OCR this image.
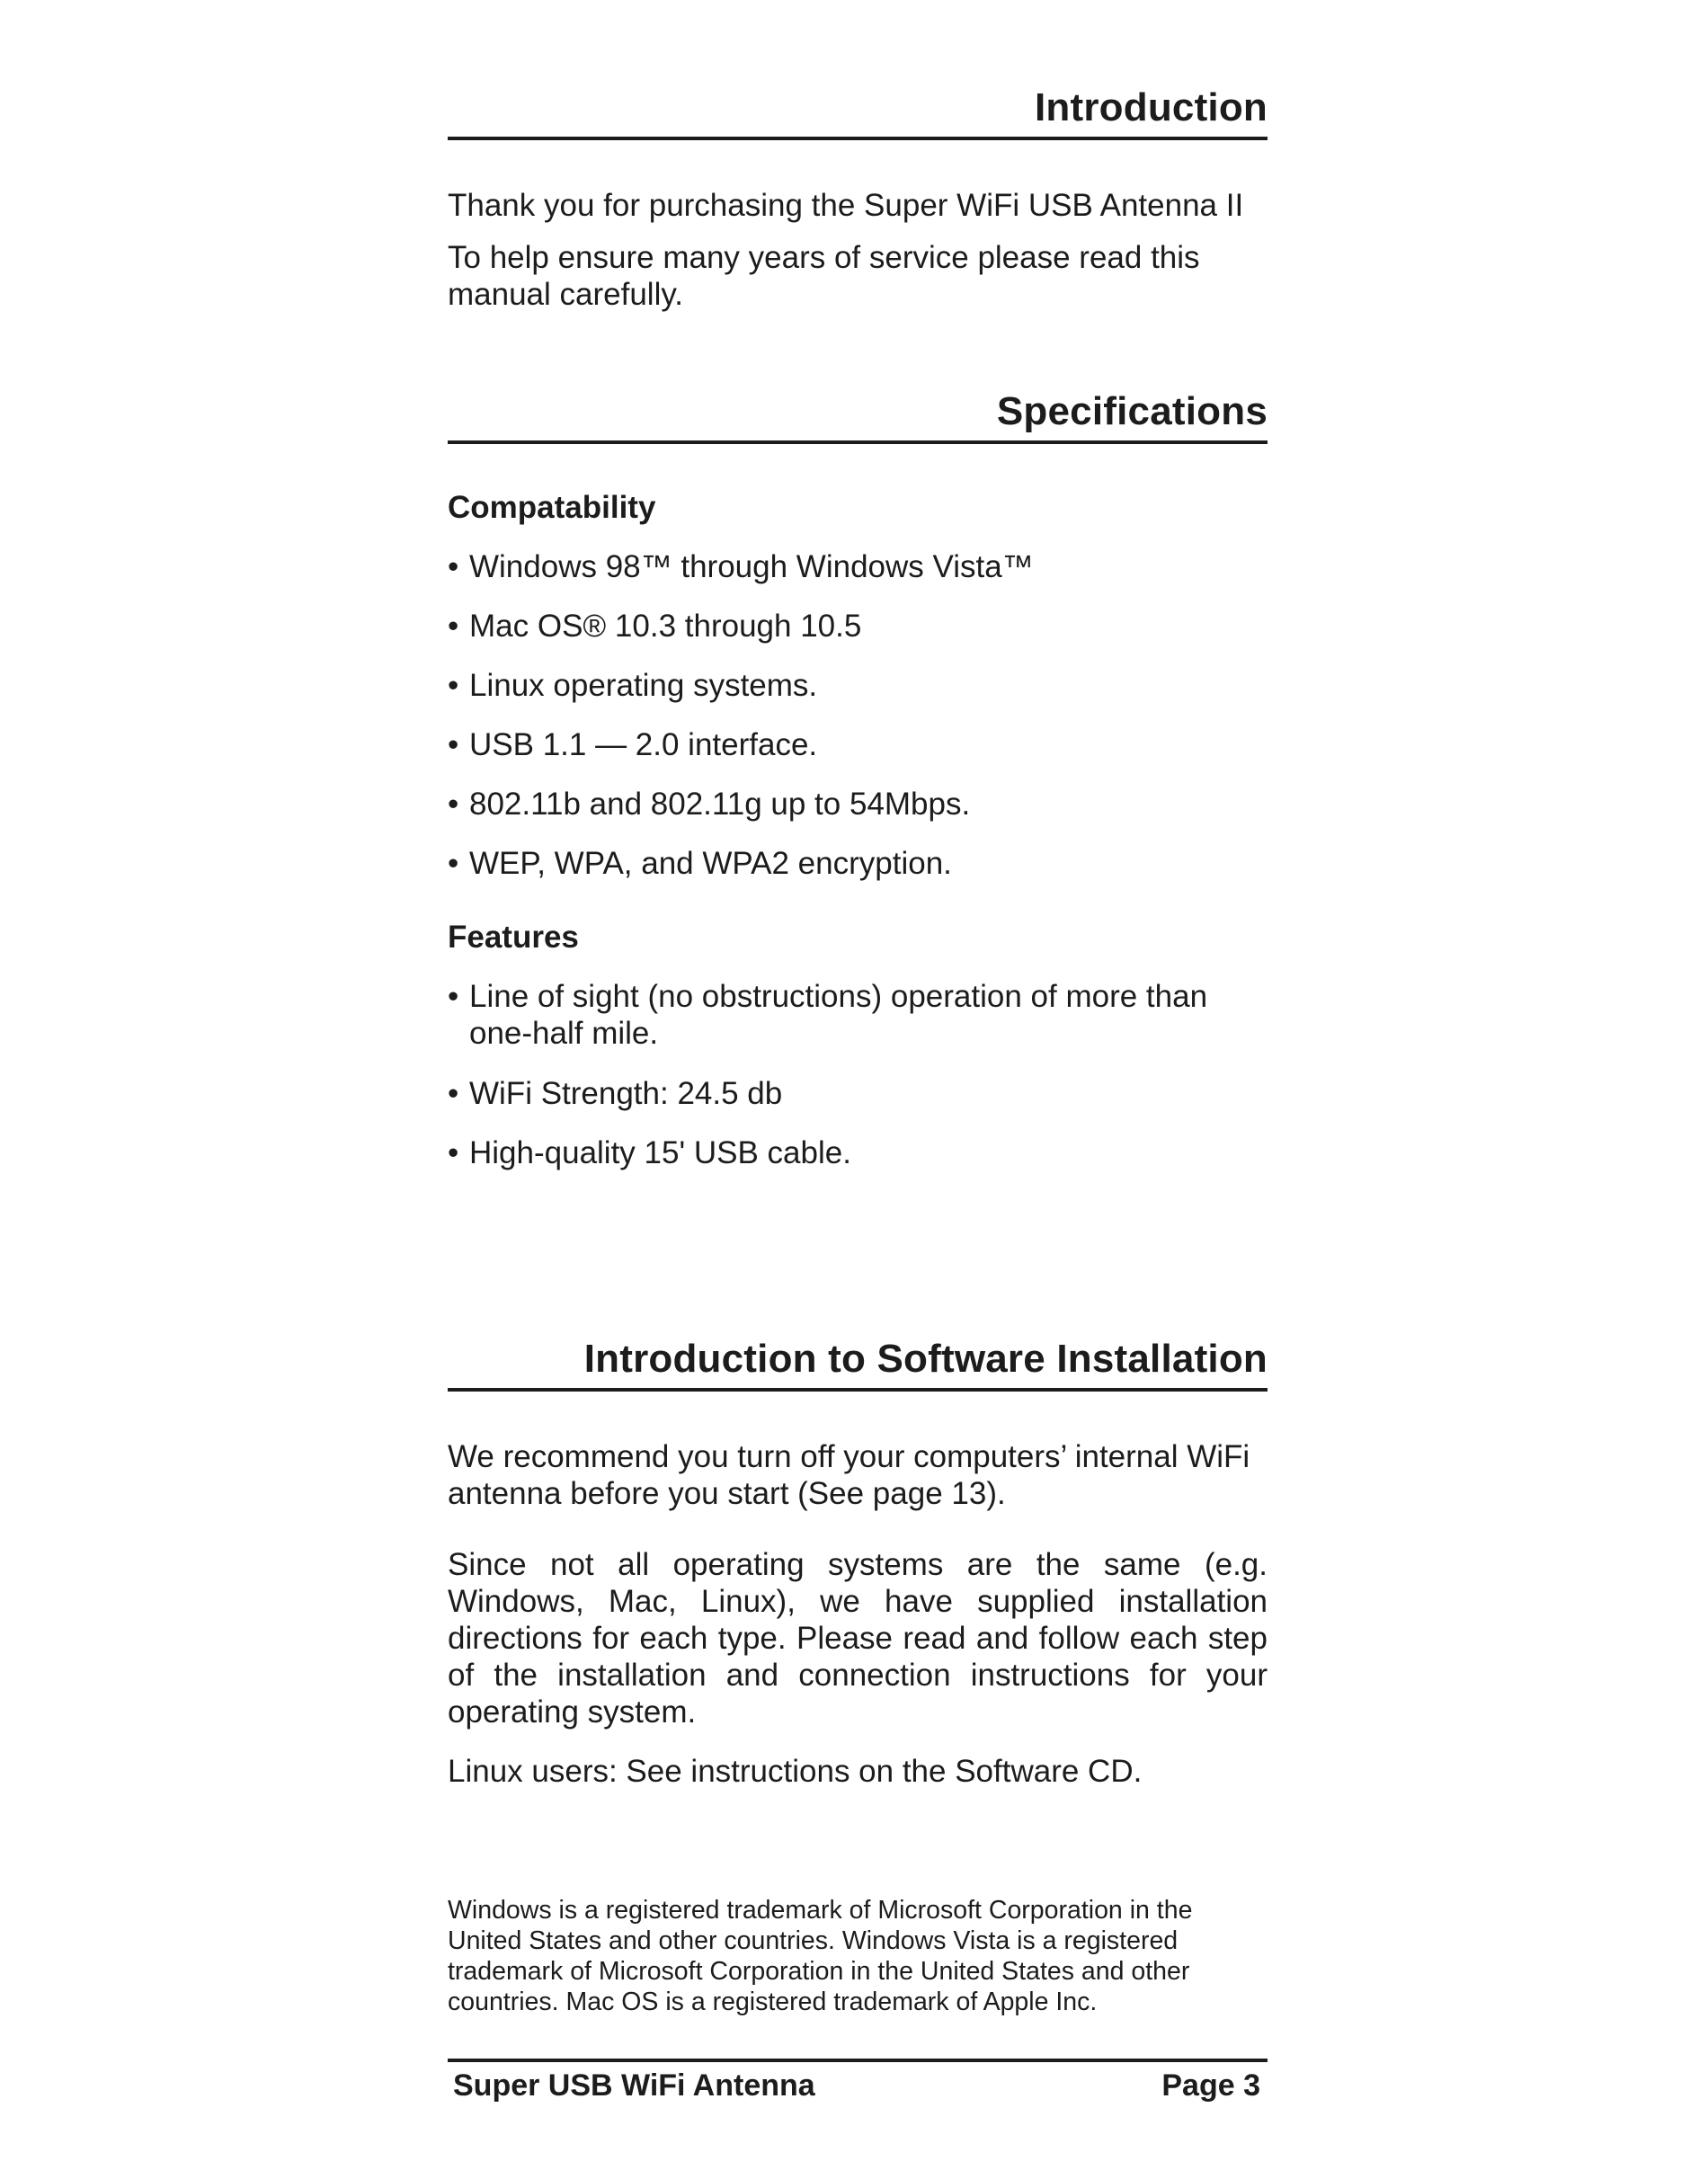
Introduction

Thank you for purchasing the Super WiFi USB Antenna II

To help ensure many years of service please read this manual carefully.

Specifications
Compatability
• Windows 98™ through Windows Vista™
• Mac OS® 10.3 through 10.5
• Linux operating systems.
• USB 1.1 — 2.0 interface.
• 802.11b and 802.11g up to 54Mbps.
• WEP, WPA, and WPA2 encryption.
Features
• Line of sight (no obstructions) operation of more than one-half mile.
• WiFi Strength: 24.5 db
• High-quality 15' USB cable.
Introduction to Software Installation

We recommend you turn off your computers’ internal WiFi antenna before you start (See page 13).

Since not all operating systems are the same (e.g. Windows, Mac, Linux), we have supplied installation directions for each type. Please read and follow each step of the installation and connection instructions for your operating system.

Linux users: See instructions on the Software CD.

Windows is a registered trademark of Microsoft Corporation in the United States and other countries. Windows Vista is a registered trademark of Microsoft Corporation in the United States and other countries. Mac OS is a registered trademark of Apple Inc.
Super USB WiFi Antenna	Page 3
